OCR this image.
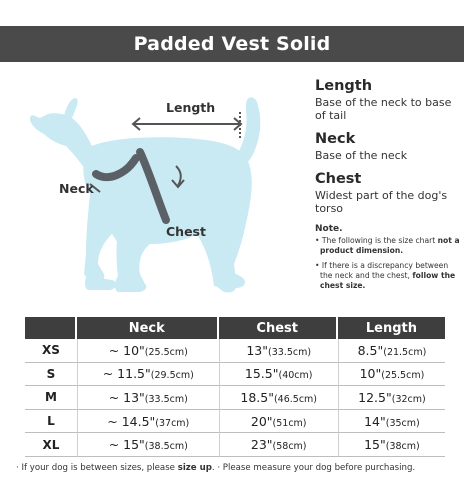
Padded Vest Solid
Length
Neck
Chest
Length
Base of the neck to base of tail
Neck
Base of the neck
Chest
Widest part of the dog's torso
Note.
• The following is the size chart not a product dimension.
• If there is a discrepancy between the neck and the chest, follow the chest size.
	Neck	Chest	Length
XS	~ 10"(25.5cm)	13"(33.5cm)	8.5"(21.5cm)
S	~ 11.5"(29.5cm)	15.5"(40cm)	10"(25.5cm)
M	~ 13"(33.5cm)	18.5"(46.5cm)	12.5"(32cm)
L	~ 14.5"(37cm)	20"(51cm)	14"(35cm)
XL	~ 15"(38.5cm)	23"(58cm)	15"(38cm)
· If your dog is between sizes, please size up. · Please measure your dog before purchasing.
